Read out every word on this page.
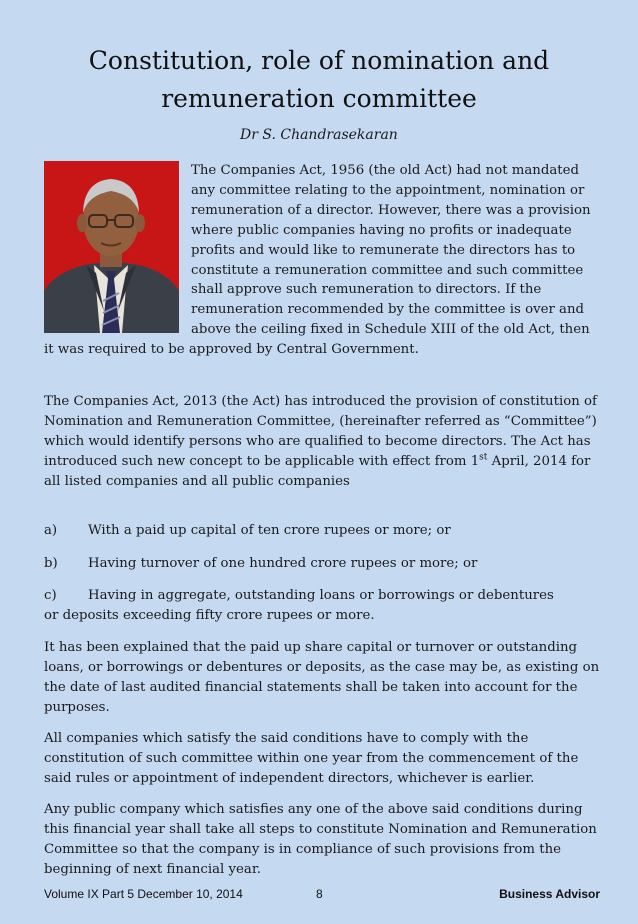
Constitution, role of nomination and
remuneration committee
Dr S. Chandrasekaran

The Companies Act, 1956 (the old Act) had not mandated any committee relating to the appointment, nomination or remuneration of a director. However, there was a provision where public companies having no profits or inadequate profits and would like to remunerate the directors has to constitute a remuneration committee and such committee shall approve such remuneration to directors. If the remuneration recommended by the committee is over and above the ceiling fixed in Schedule XIII of the old Act, then it was required to be approved by Central Government.

The Companies Act, 2013 (the Act) has introduced the provision of constitution of Nomination and Remuneration Committee, (hereinafter referred as “Committee”) which would identify persons who are qualified to become directors. The Act has introduced such new concept to be applicable with effect from 1st April, 2014 for all listed companies and all public companies

a)	With a paid up capital of ten crore rupees or more; or
b)	Having turnover of one hundred crore rupees or more; or
c)	Having in aggregate, outstanding loans or borrowings or debentures
or deposits exceeding fifty crore rupees or more.

It has been explained that the paid up share capital or turnover or outstanding loans, or borrowings or debentures or deposits, as the case may be, as existing on the date of last audited financial statements shall be taken into account for the purposes.

All companies which satisfy the said conditions have to comply with the constitution of such committee within one year from the commencement of the said rules or appointment of independent directors, whichever is earlier.

Any public company which satisfies any one of the above said conditions during this financial year shall take all steps to constitute Nomination and Remuneration Committee so that the company is in compliance of such provisions from the beginning of next financial year.

Volume IX Part 5 December 10, 2014	8	Business Advisor
